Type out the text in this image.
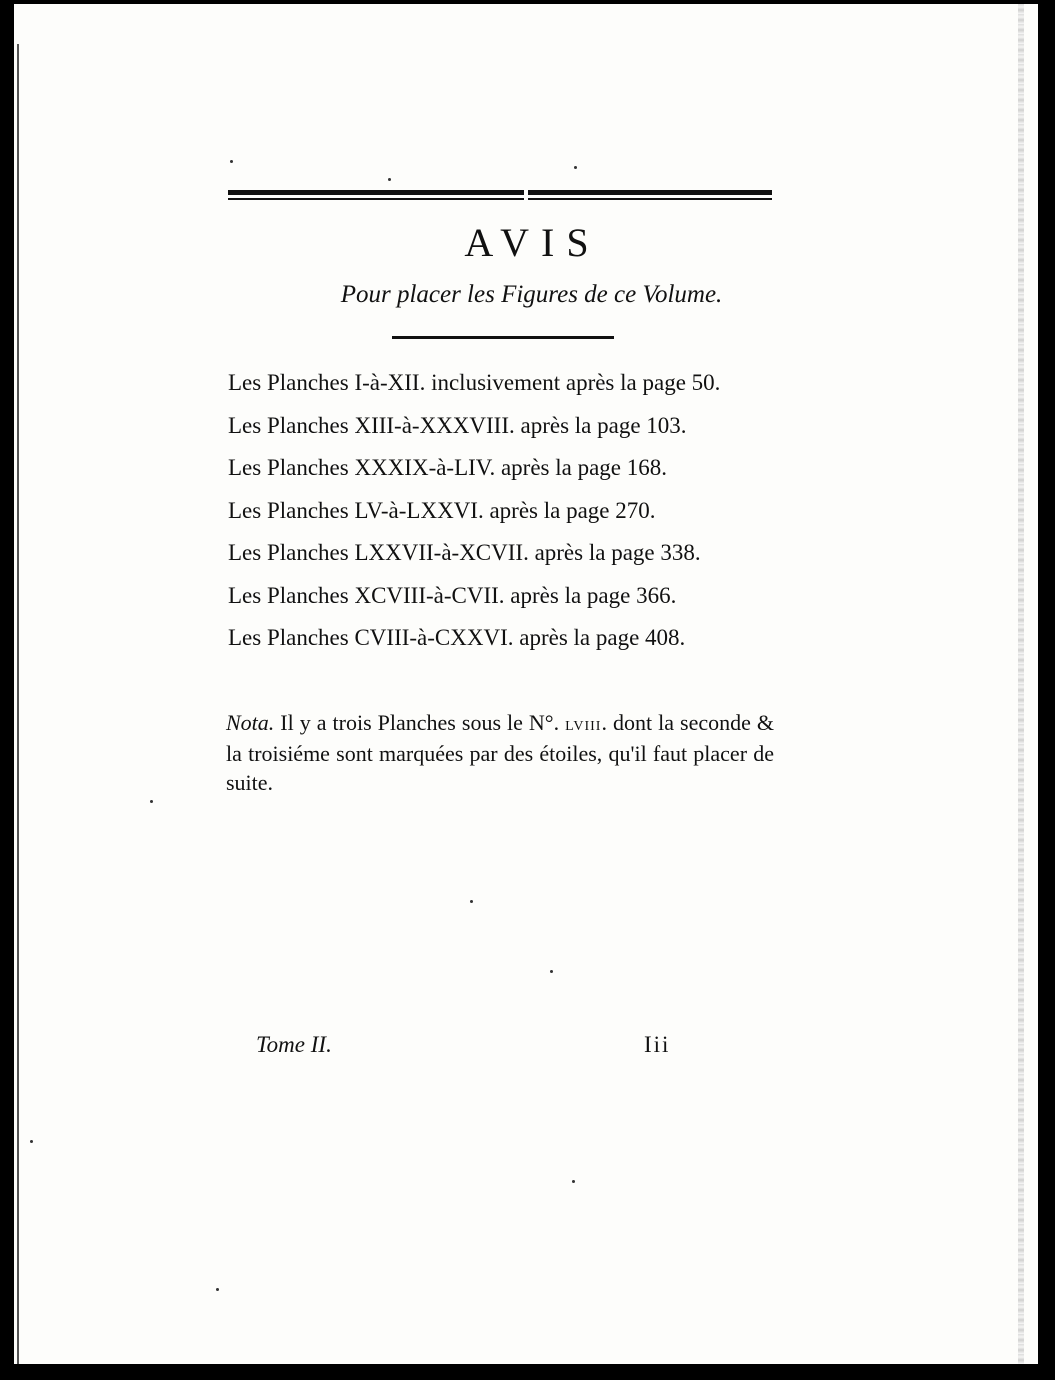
AVIS
Pour placer les Figures de ce Volume.
Les Planches I-à-XII. inclusivement après la page 50.
Les Planches XIII-à-XXXVIII. après la page 103.
Les Planches XXXIX-à-LIV. après la page 168.
Les Planches LV-à-LXXVI. après la page 270.
Les Planches LXXVII-à-XCVII. après la page 338.
Les Planches XCVIII-à-CVII. après la page 366.
Les Planches CVIII-à-CXXVI. après la page 408.

Nota. Il y a trois Planches sous le N°. lviii. dont la seconde & la troisiéme sont marquées par des étoiles, qu'il faut placer de suite.

Tome II.	Iii
